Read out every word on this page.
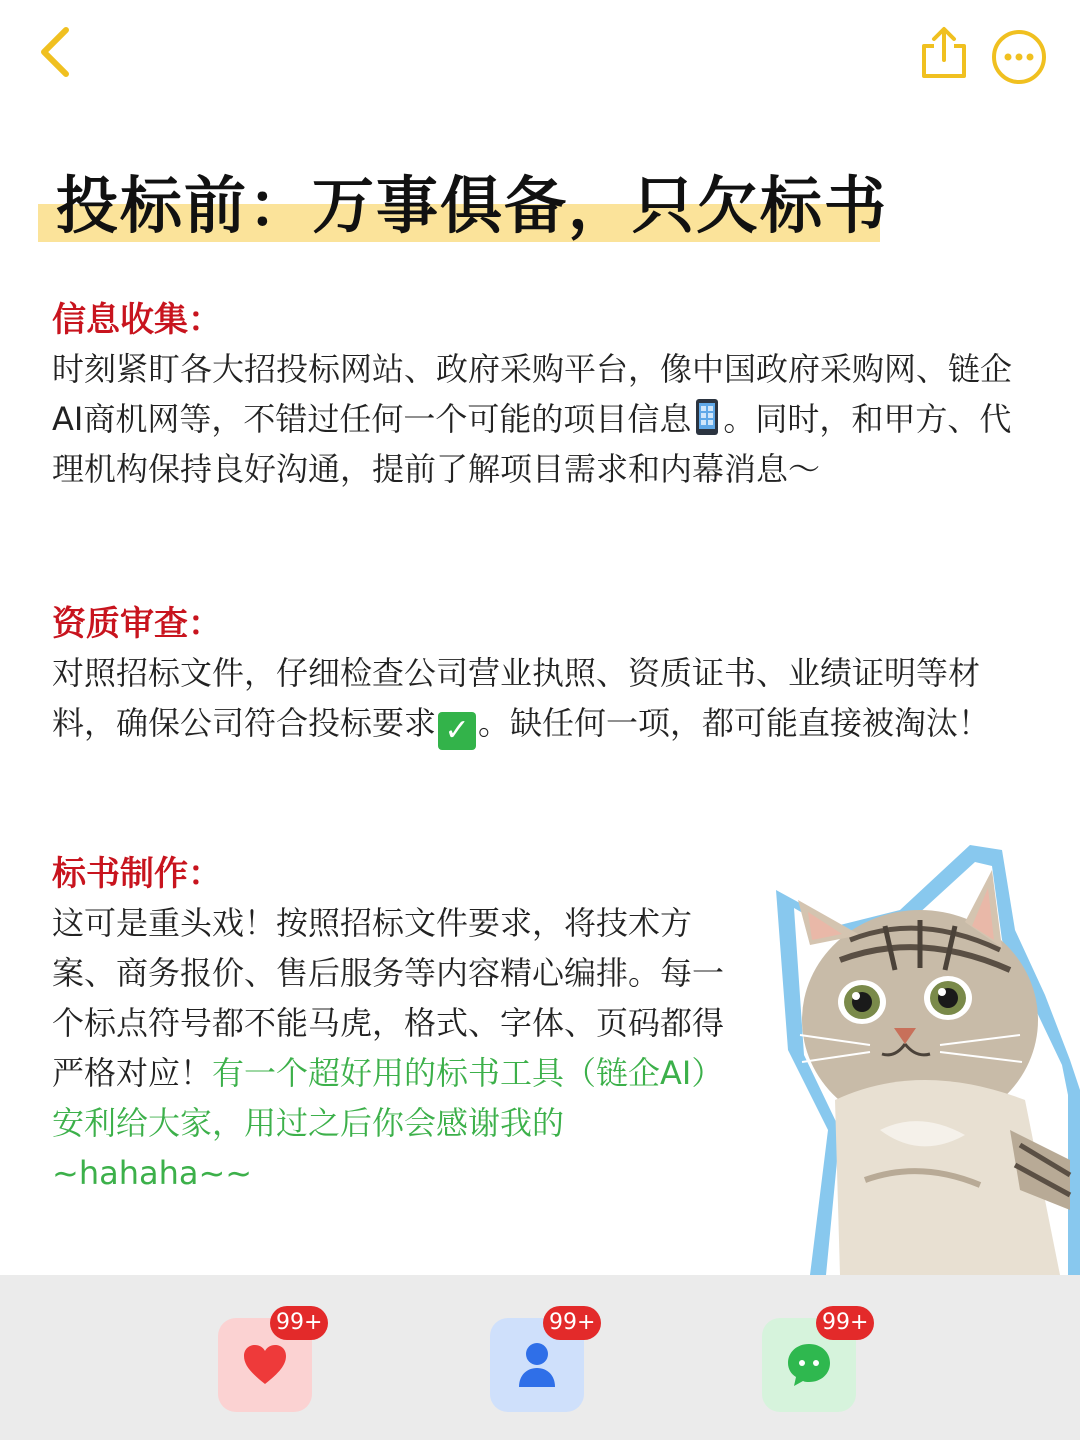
投标前：万事俱备，只欠标书

信息收集：

时刻紧盯各大招投标网站、政府采购平台，像中国政府采购网、链企AI商机网等，不错过任何一个可能的项目信息 。同时，和甲方、代理机构保持良好沟通，提前了解项目需求和内幕消息～

资质审查：

对照招标文件，仔细检查公司营业执照、资质证书、业绩证明等材料，确保公司符合投标要求 ✓ 。缺任何一项，都可能直接被淘汰！

标书制作：

这可是重头戏！按照招标文件要求，将技术方案、商务报价、售后服务等内容精心编排。每一个标点符号都不能马虎，格式、字体、页码都得严格对应！有一个超好用的标书工具（链企AI）安利给大家，用过之后你会感谢我的~hahaha~~

99+	99+	99+
